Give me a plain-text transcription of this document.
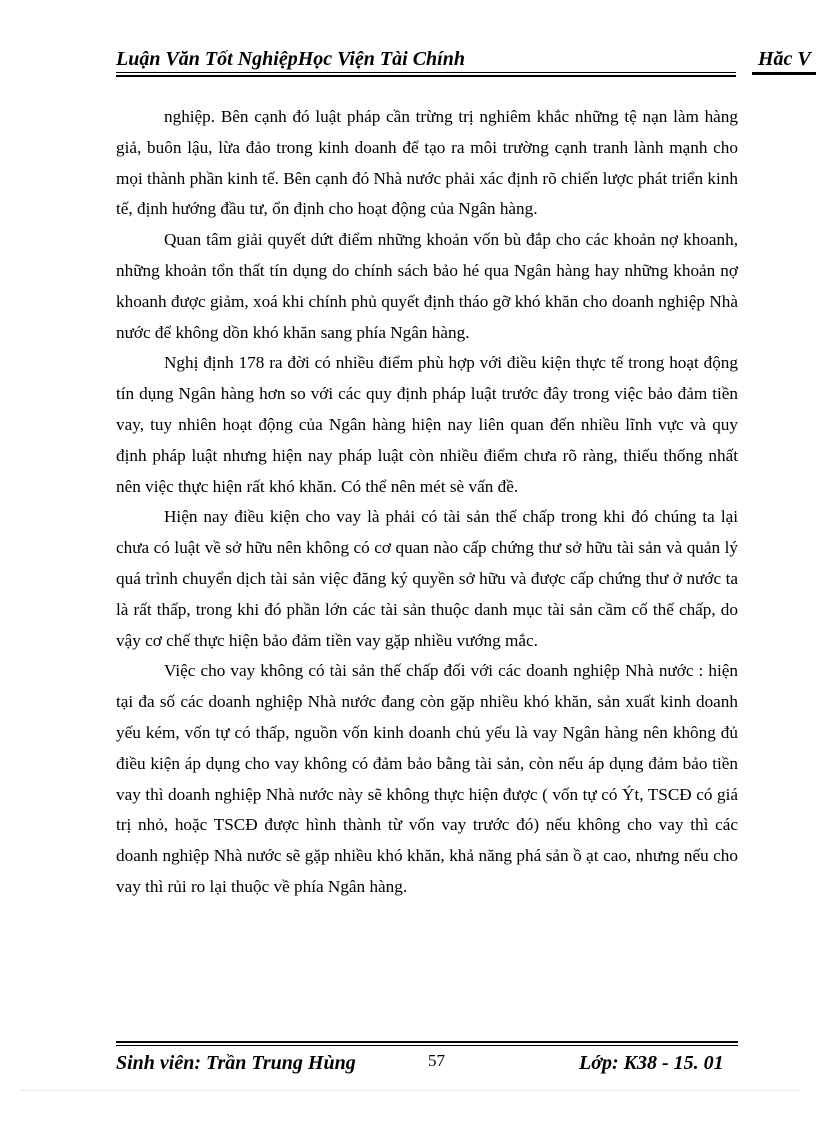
Luận Văn Tốt NghiệpHọc Viện Tài Chính	Hăc V

nghiệp. Bên cạnh đó luật pháp cần trừng trị nghiêm khắc những tệ nạn làm hàng giả, buôn lậu, lừa đảo trong kinh doanh để tạo ra môi trường cạnh tranh lành mạnh cho mọi thành phần kinh tế. Bên cạnh đó Nhà nước phải xác định rõ chiến lược phát triển kinh tế, định hướng đầu tư, ổn định cho hoạt động của Ngân hàng.

Quan tâm giải quyết dứt điểm những khoản vốn bù đắp cho các khoản nợ khoanh, những khoản tổn thất tín dụng do chính sách bảo hé qua Ngân hàng hay những khoản nợ khoanh được giảm, xoá khi chính phủ quyết định tháo gỡ khó khăn cho doanh nghiệp Nhà nước để không dồn khó khăn sang phía Ngân hàng.

Nghị định 178 ra đời có nhiều điểm phù hợp với điều kiện thực tế trong hoạt động tín dụng Ngân hàng hơn so với các quy định pháp luật trước đây trong việc bảo đảm tiền vay, tuy nhiên hoạt động của Ngân hàng hiện nay liên quan đến nhiều lĩnh vực và quy định pháp luật nhưng hiện nay pháp luật còn nhiều điểm chưa rõ ràng, thiếu thống nhất nên việc thực hiện rất khó khăn. Có thể nên mét sè vấn đề.

Hiện nay điều kiện cho vay là phải có tài sản thế chấp trong khi đó chúng ta lại chưa có luật về sở hữu nên không có cơ quan nào cấp chứng thư sở hữu tài sản và quản lý quá trình chuyển dịch tài sản việc đăng ký quyền sở hữu và được cấp chứng thư ở nước ta là rất thấp, trong khi đó phần lớn các tài sản thuộc danh mục tài sản cầm cố thế chấp, do vậy cơ chế thực hiện bảo đảm tiền vay gặp nhiều vướng mắc.

Việc cho vay không có tài sản thế chấp đối với các doanh nghiệp Nhà nước : hiện tại đa số các doanh nghiệp Nhà nước đang còn gặp nhiều khó khăn, sản xuất kinh doanh yếu kém, vốn tự có thấp, nguồn vốn kinh doanh chủ yếu là vay Ngân hàng nên không đủ điều kiện áp dụng cho vay không có đảm bảo bằng tài sản, còn nếu áp dụng đảm bảo tiền vay thì doanh nghiệp Nhà nước này sẽ không thực hiện được ( vốn tự có Ýt, TSCĐ có giá trị nhỏ, hoặc TSCĐ được hình thành từ vốn vay trước đó) nếu không cho vay thì các doanh nghiệp Nhà nước sẽ gặp nhiều khó khăn, khả năng phá sản ồ ạt cao, nhưng nếu cho vay thì rủi ro lại thuộc về phía Ngân hàng.

Sinh viên: Trần Trung Hùng	57	Lớp: K38 - 15. 01
